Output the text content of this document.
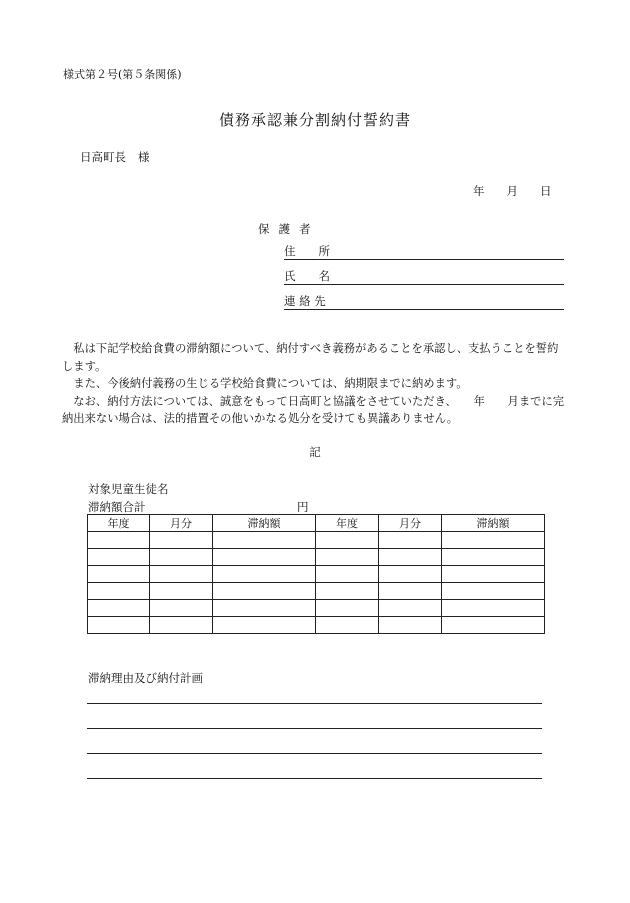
様式第２号(第５条関係)
債務承認兼分割納付誓約書
日高町長 様
年 月 日
保護者
住　　所
氏　　名
連 絡 先

　私は下記学校給食費の滞納額について、納付すべき義務があることを承認し、支払うことを誓約します。

　また、今後納付義務の生じる学校給食費については、納期限までに納めます。

　なお、納付方法については、誠意をもって日高町と協議をさせていただき、　　年　　月までに完納出来ない場合は、法的措置その他いかなる処分を受けても異議ありません。

記
対象児童生徒名
滞納額合計	円
年度	月分	滞納額	年度	月分	滞納額

滞納理由及び納付計画
